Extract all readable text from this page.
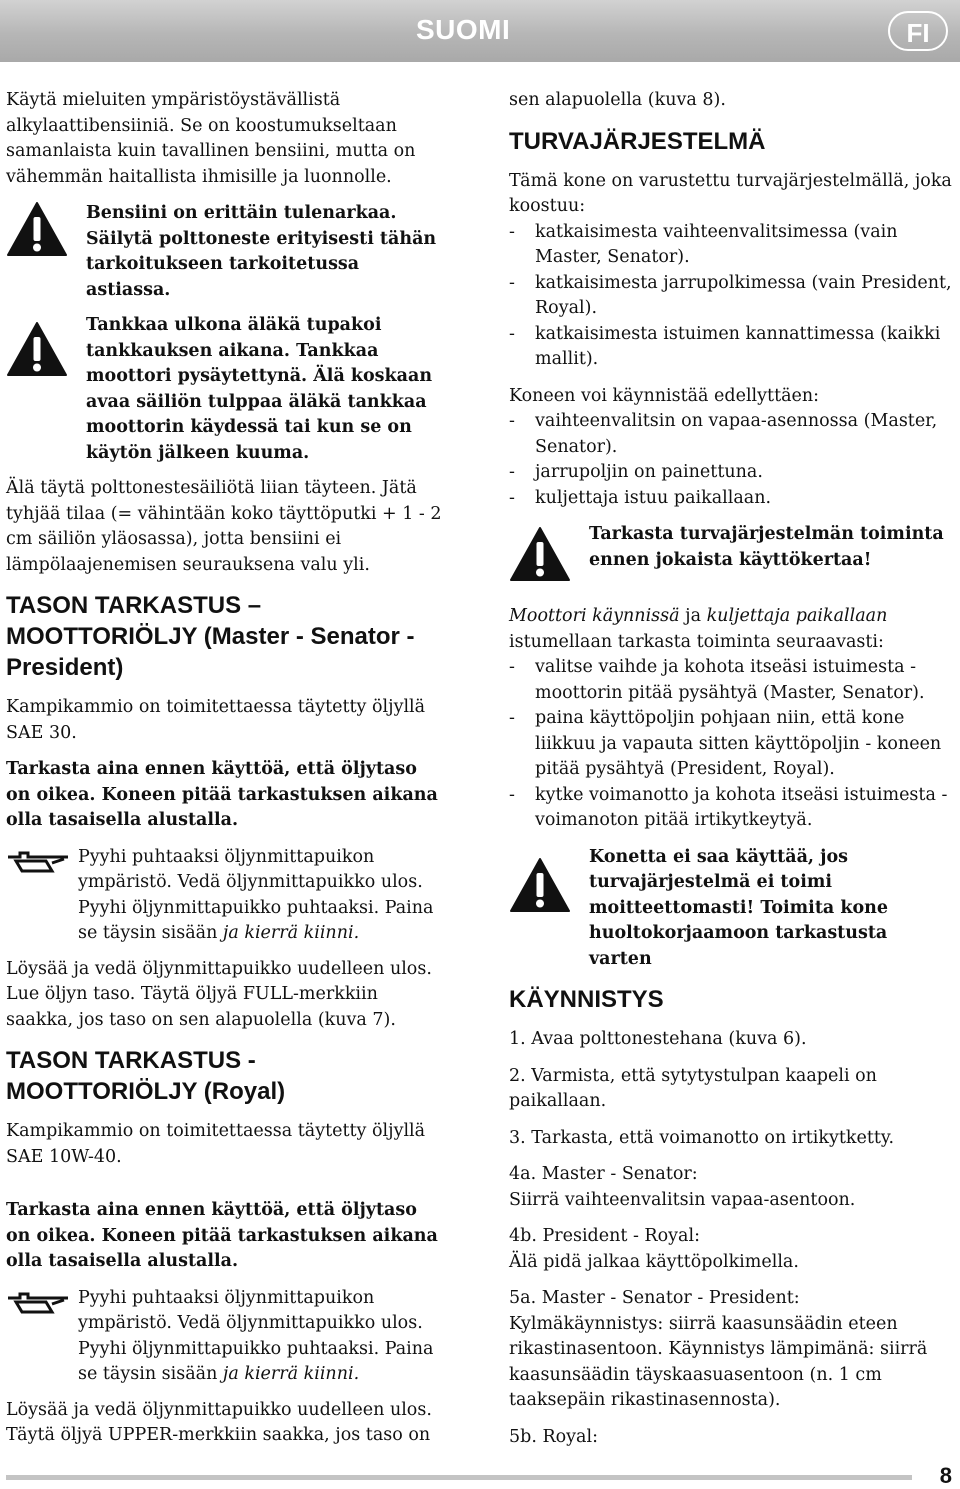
SUOMI	FI

Käytä mieluiten ympäristöystävällistä alkylaattibensiiniä. Se on koostumukseltaan samanlaista kuin tavallinen bensiini, mutta on vähemmän haitallista ihmisille ja luonnolle.

Bensiini on erittäin tulenarkaa. Säilytä polttoneste erityisesti tähän tarkoitukseen tarkoitetussa astiassa.
Tankkaa ulkona äläkä tupakoi tankkauksen aikana. Tankkaa moottori pysäytettynä. Älä koskaan avaa säiliön tulppaa äläkä tankkaa moottorin käydessä tai kun se on käytön jälkeen kuuma.

Älä täytä polttonestesäiliötä liian täyteen. Jätä tyhjää tilaa (= vähintään koko täyttöputki + 1 - 2 cm säiliön yläosassa), jotta bensiini ei lämpölaajenemisen seurauksena valu yli.

TASON TARKASTUS – MOOTTORIÖLJY (Master - Senator - President)

Kampikammio on toimitettaessa täytetty öljyllä SAE 30.

Tarkasta aina ennen käyttöä, että öljytaso on oikea. Koneen pitää tarkastuksen aikana olla tasaisella alustalla.

Pyyhi puhtaaksi öljynmittapuikon ympäristö. Vedä öljynmittapuikko ulos. Pyyhi öljynmittapuikko puhtaaksi. Paina se täysin sisään ja kierrä kiinni.

Löysää ja vedä öljynmittapuikko uudelleen ulos. Lue öljyn taso. Täytä öljyä FULL-merkkiin saakka, jos taso on sen alapuolella (kuva 7).

TASON TARKASTUS - MOOTTORIÖLJY (Royal)

Kampikammio on toimitettaessa täytetty öljyllä SAE 10W-40.

Tarkasta aina ennen käyttöä, että öljytaso on oikea. Koneen pitää tarkastuksen aikana olla tasaisella alustalla.

Pyyhi puhtaaksi öljynmittapuikon ympäristö. Vedä öljynmittapuikko ulos. Pyyhi öljynmittapuikko puhtaaksi. Paina se täysin sisään ja kierrä kiinni.

Löysää ja vedä öljynmittapuikko uudelleen ulos. Täytä öljyä UPPER-merkkiin saakka, jos taso on

sen alapuolella (kuva 8).

TURVAJÄRJESTELMÄ

Tämä kone on varustettu turvajärjestelmällä, joka koostuu:

- katkaisimesta vaihteenvalitsimessa (vain Master, Senator).
- katkaisimesta jarrupolkimessa (vain President, Royal).
- katkaisimesta istuimen kannattimessa (kaikki mallit).

Koneen voi käynnistää edellyttäen:

- vaihteenvalitsin on vapaa-asennossa (Master, Senator).
- jarrupoljin on painettuna.
- kuljettaja istuu paikallaan.
Tarkasta turvajärjestelmän toiminta ennen jokaista käyttökertaa!

Moottori käynnissä ja kuljettaja paikallaan istumellaan tarkasta toiminta seuraavasti:

- valitse vaihde ja kohota itseäsi istuimesta - moottorin pitää pysähtyä (Master, Senator).
- paina käyttöpoljin pohjaan niin, että kone liikkuu ja vapauta sitten käyttöpoljin - koneen pitää pysähtyä (President, Royal).
- kytke voimanotto ja kohota itseäsi istuimesta - voimanoton pitää irtikytkeytyä.
Konetta ei saa käyttää, jos turvajärjestelmä ei toimi moitteettomasti! Toimita kone huoltokorjaamoon tarkastusta varten
KÄYNNISTYS

1. Avaa polttonestehana (kuva 6).

2. Varmista, että sytytystulpan kaapeli on paikallaan.

3. Tarkasta, että voimanotto on irtikytketty.

4a. Master - Senator:
Siirrä vaihteenvalitsin vapaa-asentoon.

4b. President - Royal:
Älä pidä jalkaa käyttöpolkimella.

5a. Master - Senator - President:
Kylmäkäynnistys: siirrä kaasunsäädin eteen rikastinasentoon. Käynnistys lämpimänä: siirrä kaasunsäädin täyskaasuasentoon (n. 1 cm taaksepäin rikastinasennosta).

5b. Royal:

8
